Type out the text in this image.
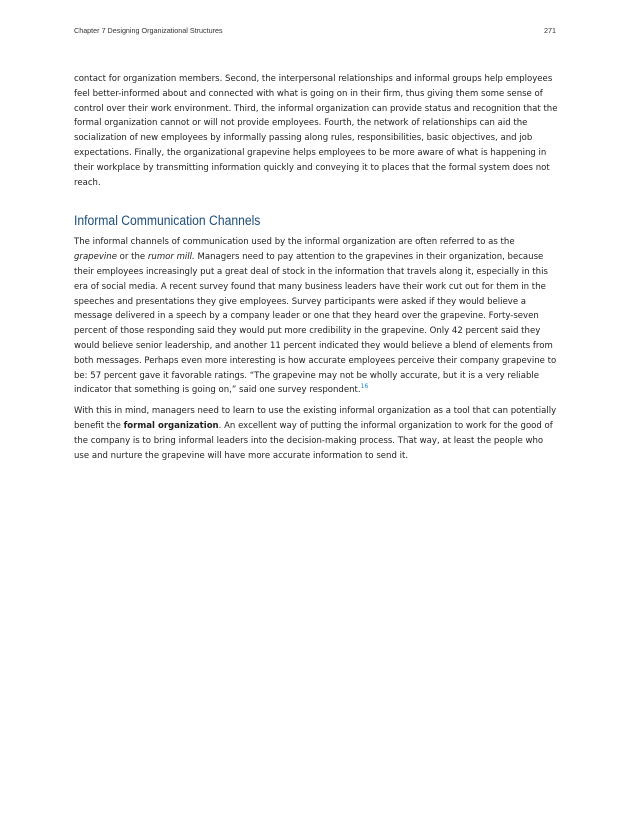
Chapter 7 Designing Organizational Structures	271

contact for organization members. Second, the interpersonal relationships and informal groups help employees feel better-informed about and connected with what is going on in their firm, thus giving them some sense of control over their work environment. Third, the informal organization can provide status and recognition that the formal organization cannot or will not provide employees. Fourth, the network of relationships can aid the socialization of new employees by informally passing along rules, responsibilities, basic objectives, and job expectations. Finally, the organizational grapevine helps employees to be more aware of what is happening in their workplace by transmitting information quickly and conveying it to places that the formal system does not reach.

Informal Communication Channels

The informal channels of communication used by the informal organization are often referred to as the grapevine or the rumor mill. Managers need to pay attention to the grapevines in their organization, because their employees increasingly put a great deal of stock in the information that travels along it, especially in this era of social media. A recent survey found that many business leaders have their work cut out for them in the speeches and presentations they give employees. Survey participants were asked if they would believe a message delivered in a speech by a company leader or one that they heard over the grapevine. Forty-seven percent of those responding said they would put more credibility in the grapevine. Only 42 percent said they would believe senior leadership, and another 11 percent indicated they would believe a blend of elements from both messages. Perhaps even more interesting is how accurate employees perceive their company grapevine to be: 57 percent gave it favorable ratings. “The grapevine may not be wholly accurate, but it is a very reliable indicator that something is going on,” said one survey respondent.$^{16}$

With this in mind, managers need to learn to use the existing informal organization as a tool that can potentially benefit the formal organization. An excellent way of putting the informal organization to work for the good of the company is to bring informal leaders into the decision-making process. That way, at least the people who use and nurture the grapevine will have more accurate information to send it.
